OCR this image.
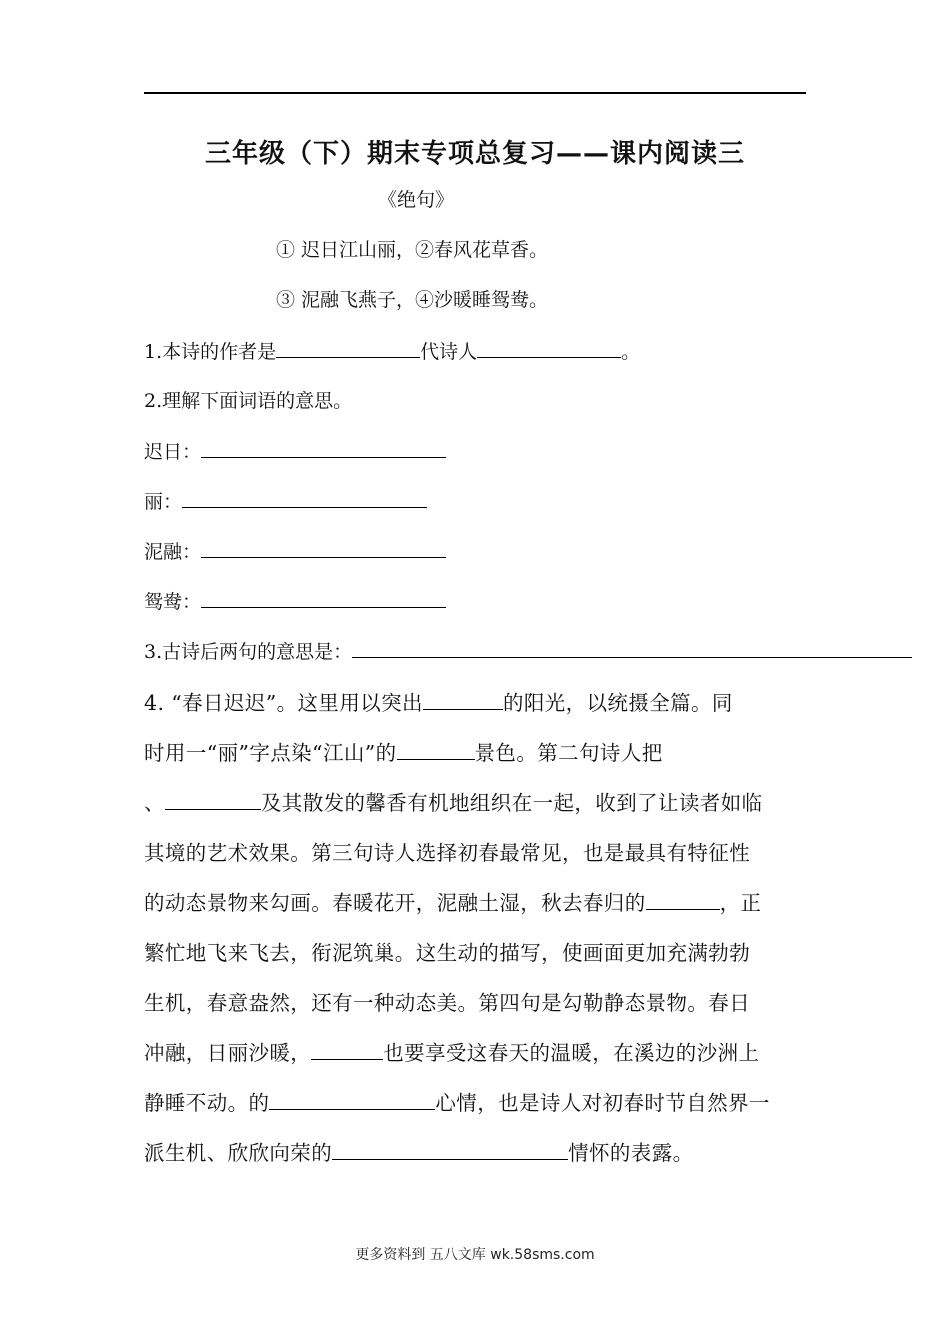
三年级（下）期末专项总复习——课内阅读三
《绝句》
① 迟日江山丽，②春风花草香。
③ 泥融飞燕子，④沙暖睡鸳鸯。
1.本诗的作者是	代诗人	。
2.理解下面词语的意思。
迟日：
丽：
泥融：
鸳鸯：
3.古诗后两句的意思是：
4. “春日迟迟”。这里用以突出	的阳光，以统摄全篇。同
时用一“丽”字点染“江山”的	景色。第二句诗人把
、	及其散发的馨香有机地组织在一起，收到了让读者如临
其境的艺术效果。第三句诗人选择初春最常见，也是最具有特征性
的动态景物来勾画。春暖花开，泥融土湿，秋去春归的	，正
繁忙地飞来飞去，衔泥筑巢。这生动的描写，使画面更加充满勃勃
生机，春意盎然，还有一种动态美。第四句是勾勒静态景物。春日
冲融，日丽沙暖，	也要享受这春天的温暖，在溪边的沙洲上
静睡不动。的	心情，也是诗人对初春时节自然界一
派生机、欣欣向荣的	情怀的表露。
更多资料到 五八文库 wk.58sms.com
